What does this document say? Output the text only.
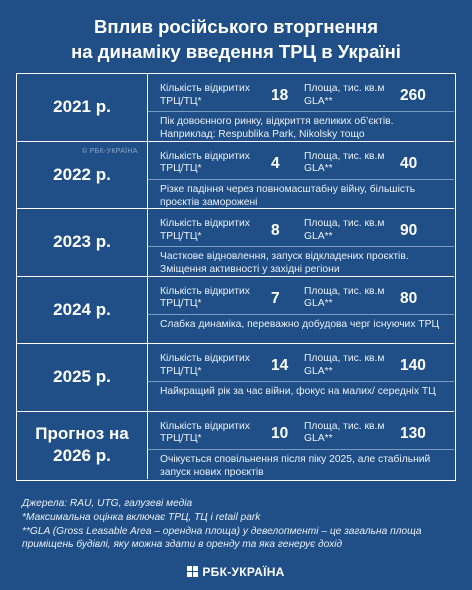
Вплив російського вторгнення
на динаміку введення ТРЦ в Україні
2021 р.
Кількість відкритих ТРЦ/ТЦ*	18 Площа, тис. кв.м GLA**	260
Пік довоєнного ринку, відкриття великих об’єктів. Наприклад: Respublika Park, Nikolsky тощо
2022 р.
Кількість відкритих ТРЦ/ТЦ*	4 Площа, тис. кв.м GLA**	40
Різке падіння через повномасштабну війну, більшість проєктів заморожені
2023 р.
Кількість відкритих ТРЦ/ТЦ*	8 Площа, тис. кв.м GLA**	90
Часткове відновлення, запуск відкладених проєктів. Зміщення активності у західні регіони
2024 р.
Кількість відкритих ТРЦ/ТЦ*	7 Площа, тис. кв.м GLA**	80
Слабка динаміка, переважно добудова черг існуючих ТРЦ
2025 р.
Кількість відкритих ТРЦ/ТЦ*	14 Площа, тис. кв.м GLA**	140
Найкращий рік за час війни, фокус на малих/ середніх ТЦ
Прогноз на 2026 р.
Кількість відкритих ТРЦ/ТЦ*	10 Площа, тис. кв.м GLA**	130
Очікується сповільнення після піку 2025, але стабільний запуск нових проєктів
© РБК-УКРАЇНА
Джерела: RAU, UTG, галузеві медіа
*Максимальна оцінка включає ТРЦ, ТЦ і retail park
**GLA (Gross Leasable Area – орендна площа) у девелопменті – це загальна площа приміщень будівлі, яку можна здати в оренду та яка генерує дохід
РБК-УКРАЇНА
